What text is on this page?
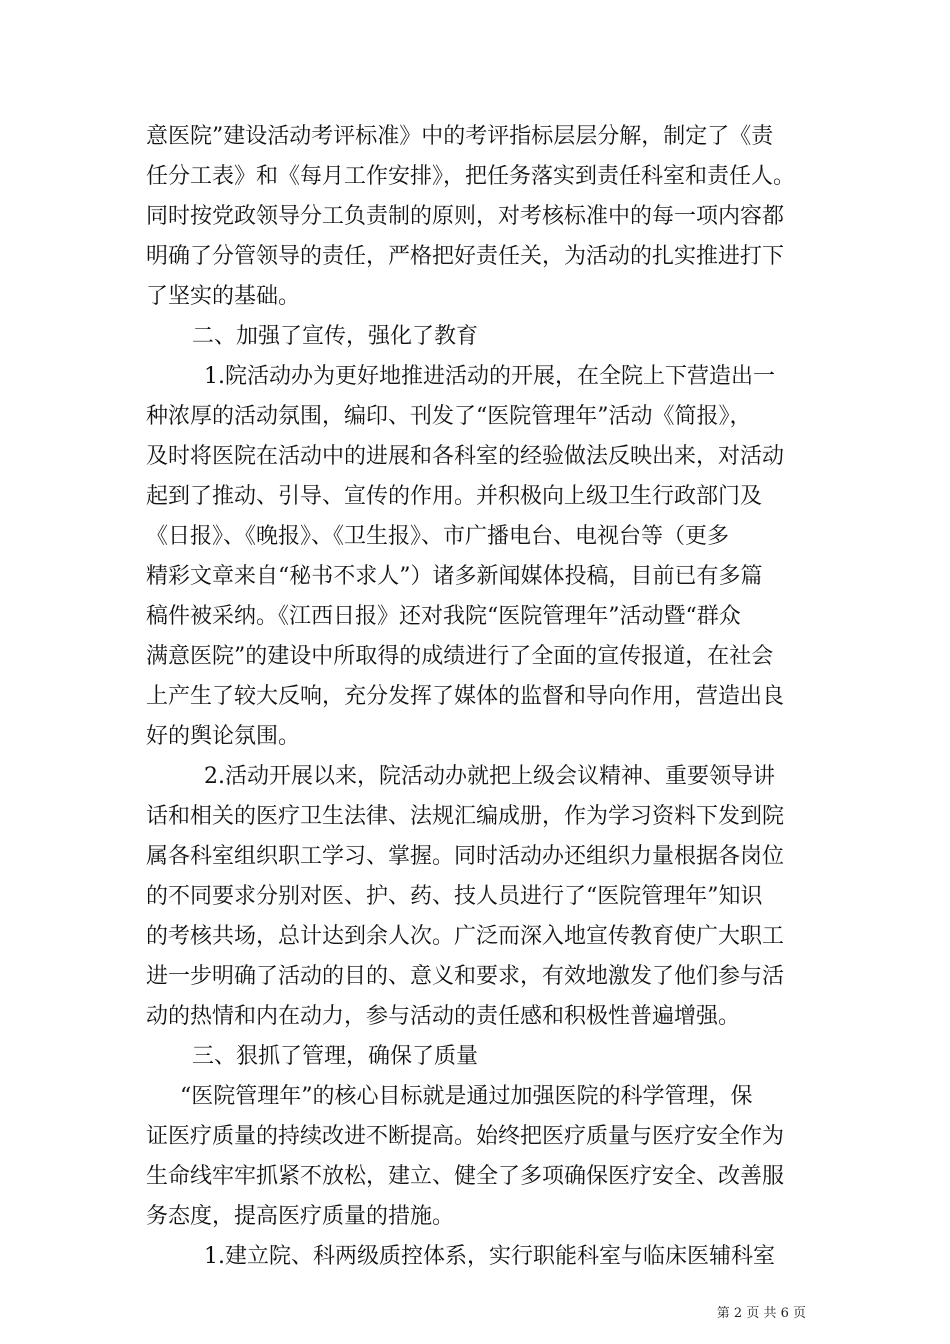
意医院”建设活动考评标准》中的考评指标层层分解，制定了《责
任分工表》和《每月工作安排》，把任务落实到责任科室和责任人。
同时按党政领导分工负责制的原则，对考核标准中的每一项内容都
明确了分管领导的责任，严格把好责任关，为活动的扎实推进打下
了坚实的基础。
二、加强了宣传，强化了教育
1.院活动办为更好地推进活动的开展，在全院上下营造出一
种浓厚的活动氛围，编印、刊发了“医院管理年”活动《简报》，
及时将医院在活动中的进展和各科室的经验做法反映出来，对活动
起到了推动、引导、宣传的作用。并积极向上级卫生行政部门及
《日报》、《晚报》、《卫生报》、市广播电台、电视台等（更多
精彩文章来自“秘书不求人”）诸多新闻媒体投稿，目前已有多篇
稿件被采纳。《江西日报》还对我院“医院管理年”活动暨“群众
满意医院”的建设中所取得的成绩进行了全面的宣传报道，在社会
上产生了较大反响，充分发挥了媒体的监督和导向作用，营造出良
好的舆论氛围。
2.活动开展以来，院活动办就把上级会议精神、重要领导讲
话和相关的医疗卫生法律、法规汇编成册，作为学习资料下发到院
属各科室组织职工学习、掌握。同时活动办还组织力量根据各岗位
的不同要求分别对医、护、药、技人员进行了“医院管理年”知识
的考核共场，总计达到余人次。广泛而深入地宣传教育使广大职工
进一步明确了活动的目的、意义和要求，有效地激发了他们参与活
动的热情和内在动力，参与活动的责任感和积极性普遍增强。
三、狠抓了管理，确保了质量
“医院管理年”的核心目标就是通过加强医院的科学管理，保
证医疗质量的持续改进不断提高。始终把医疗质量与医疗安全作为
生命线牢牢抓紧不放松，建立、健全了多项确保医疗安全、改善服
务态度，提高医疗质量的措施。
1.建立院、科两级质控体系，实行职能科室与临床医辅科室
第 2 页 共 6 页
